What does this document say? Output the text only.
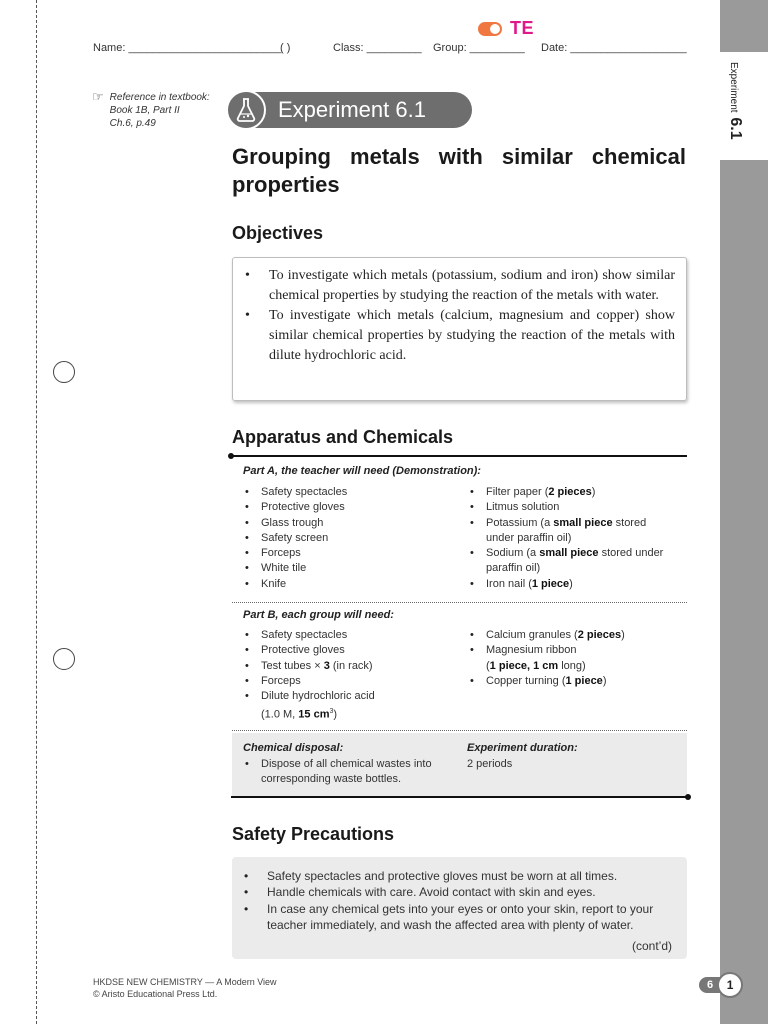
Experiment 6.1
TE
Name: _________________________
( )	Class: _________ Group: _________ Date: ___________________
☞ Reference in textbook:
Book 1B, Part II
Ch.6, p.49
Experiment 6.1
Grouping metals with similar chemical properties
Objectives
• To investigate which metals (potassium, sodium and iron) show similar chemical properties by studying the reaction of the metals with water.
• To investigate which metals (calcium, magnesium and copper) show similar chemical properties by studying the reaction of the metals with dilute hydrochloric acid.
Apparatus and Chemicals
Part A, the teacher will need (Demonstration):
• Safety spectacles
• Protective gloves
• Glass trough
• Safety screen
• Forceps
• White tile
• Knife
• Filter paper (2 pieces)
• Litmus solution
• Potassium (a small piece stored
under paraffin oil)
• Sodium (a small piece stored under
paraffin oil)
• Iron nail (1 piece)
Part B, each group will need:
• Safety spectacles
• Protective gloves
• Test tubes × 3 (in rack)
• Forceps
• Dilute hydrochloric acid
(1.0 M, 15 $cm^3$)
• Calcium granules (2 pieces)
• Magnesium ribbon
(1 piece, 1 cm long)
• Copper turning (1 piece)
Chemical disposal:
• Dispose of all chemical wastes into
corresponding waste bottles.
Experiment duration:
2 periods
Safety Precautions
• Safety spectacles and protective gloves must be worn at all times.
• Handle chemicals with care. Avoid contact with skin and eyes.
• In case any chemical gets into your eyes or onto your skin, report to your teacher immediately, and wash the affected area with plenty of water.
(cont’d)
HKDSE NEW CHEMISTRY — A Modern View
© Aristo Educational Press Ltd.
6	1
